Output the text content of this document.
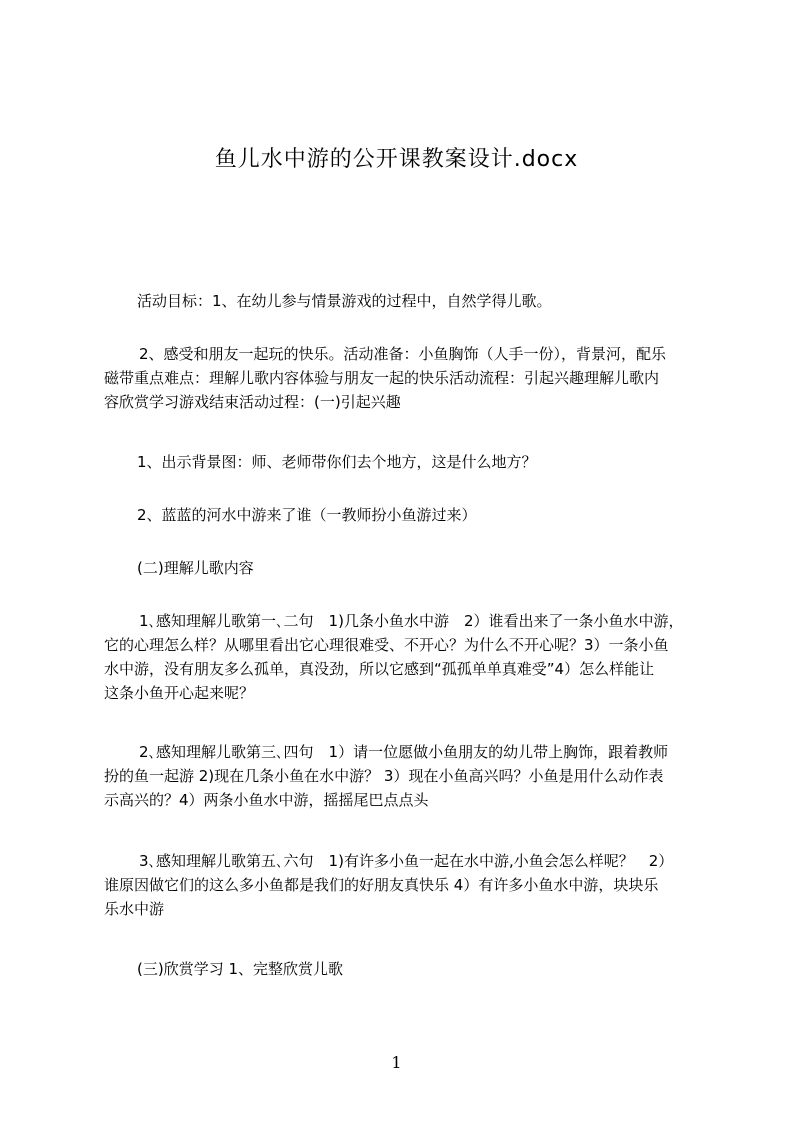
鱼儿水中游的公开课教案设计.docx
活动目标：1、在幼儿参与情景游戏的过程中，自然学得儿歌。
2、感受和朋友一起玩的快乐。活动准备：小鱼胸饰（人手一份），背景河，配乐
磁带重点难点：理解儿歌内容体验与朋友一起的快乐活动流程：引起兴趣理解儿歌内
容欣赏学习游戏结束活动过程：(一)引起兴趣
1、出示背景图：师、老师带你们去个地方，这是什么地方？
2、蓝蓝的河水中游来了谁（一教师扮小鱼游过来）
(二)理解儿歌内容
1､感知理解儿歌第一､二句　1)几条小鱼水中游　2）谁看出来了一条小鱼水中游，
它的心理怎么样？从哪里看出它心理很难受、不开心？为什么不开心呢？3）一条小鱼
水中游，没有朋友多么孤单，真没劲，所以它感到“孤孤单单真难受”4）怎么样能让
这条小鱼开心起来呢？
2､感知理解儿歌第三､四句　1）请一位愿做小鱼朋友的幼儿带上胸饰，跟着教师
扮的鱼一起游 2)现在几条小鱼在水中游？ 3）现在小鱼高兴吗？小鱼是用什么动作表
示高兴的？4）两条小鱼水中游，摇摇尾巴点点头
3､感知理解儿歌第五､六句　1)有许多小鱼一起在水中游,小鱼会怎么样呢？　2）
谁原因做它们的这么多小鱼都是我们的好朋友真快乐 4）有许多小鱼水中游，块块乐
乐水中游
(三)欣赏学习 1、完整欣赏儿歌
1
